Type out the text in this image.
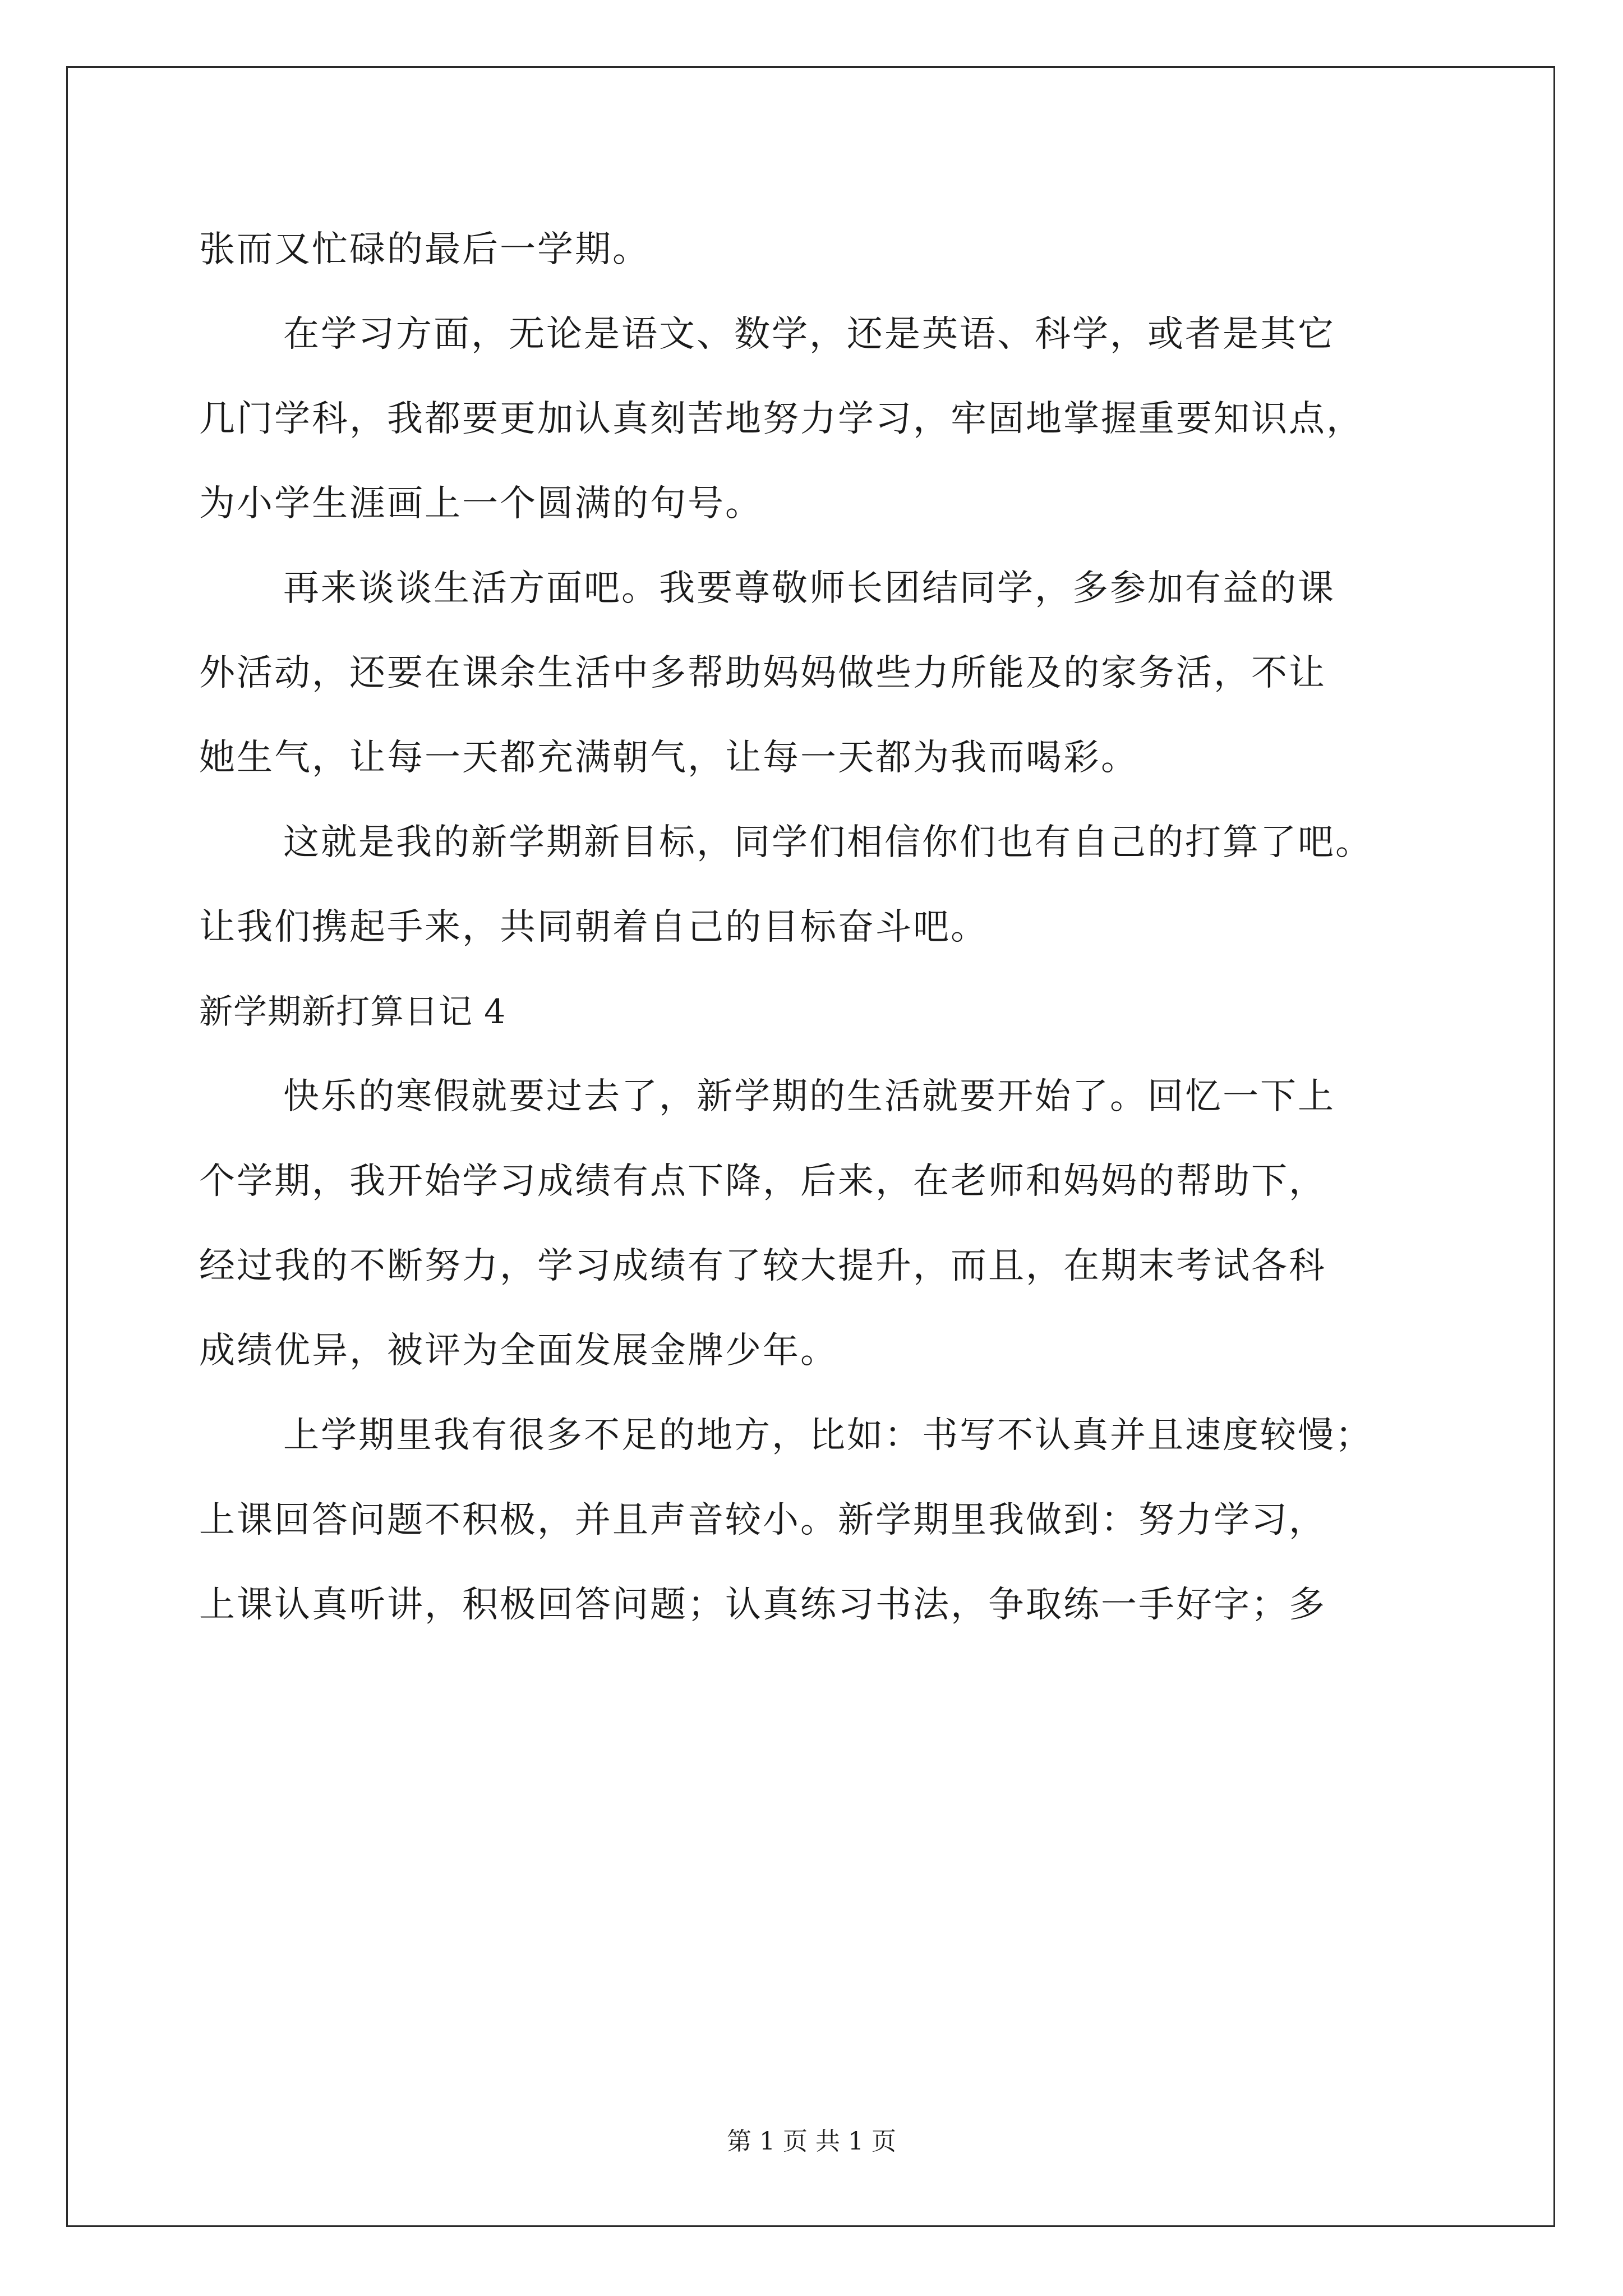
张而又忙碌的最后一学期。
在学习方面，无论是语文、数学，还是英语、科学，或者是其它
几门学科，我都要更加认真刻苦地努力学习，牢固地掌握重要知识点，
为小学生涯画上一个圆满的句号。
再来谈谈生活方面吧。我要尊敬师长团结同学，多参加有益的课
外活动，还要在课余生活中多帮助妈妈做些力所能及的家务活，不让
她生气，让每一天都充满朝气，让每一天都为我而喝彩。
这就是我的新学期新目标，同学们相信你们也有自己的打算了吧。
让我们携起手来，共同朝着自己的目标奋斗吧。
新学期新打算日记 4
快乐的寒假就要过去了，新学期的生活就要开始了。回忆一下上
个学期，我开始学习成绩有点下降，后来，在老师和妈妈的帮助下，
经过我的不断努力，学习成绩有了较大提升，而且，在期末考试各科
成绩优异，被评为全面发展金牌少年。
上学期里我有很多不足的地方，比如：书写不认真并且速度较慢；
上课回答问题不积极，并且声音较小。新学期里我做到：努力学习，
上课认真听讲，积极回答问题；认真练习书法，争取练一手好字；多
第 1 页 共 1 页
